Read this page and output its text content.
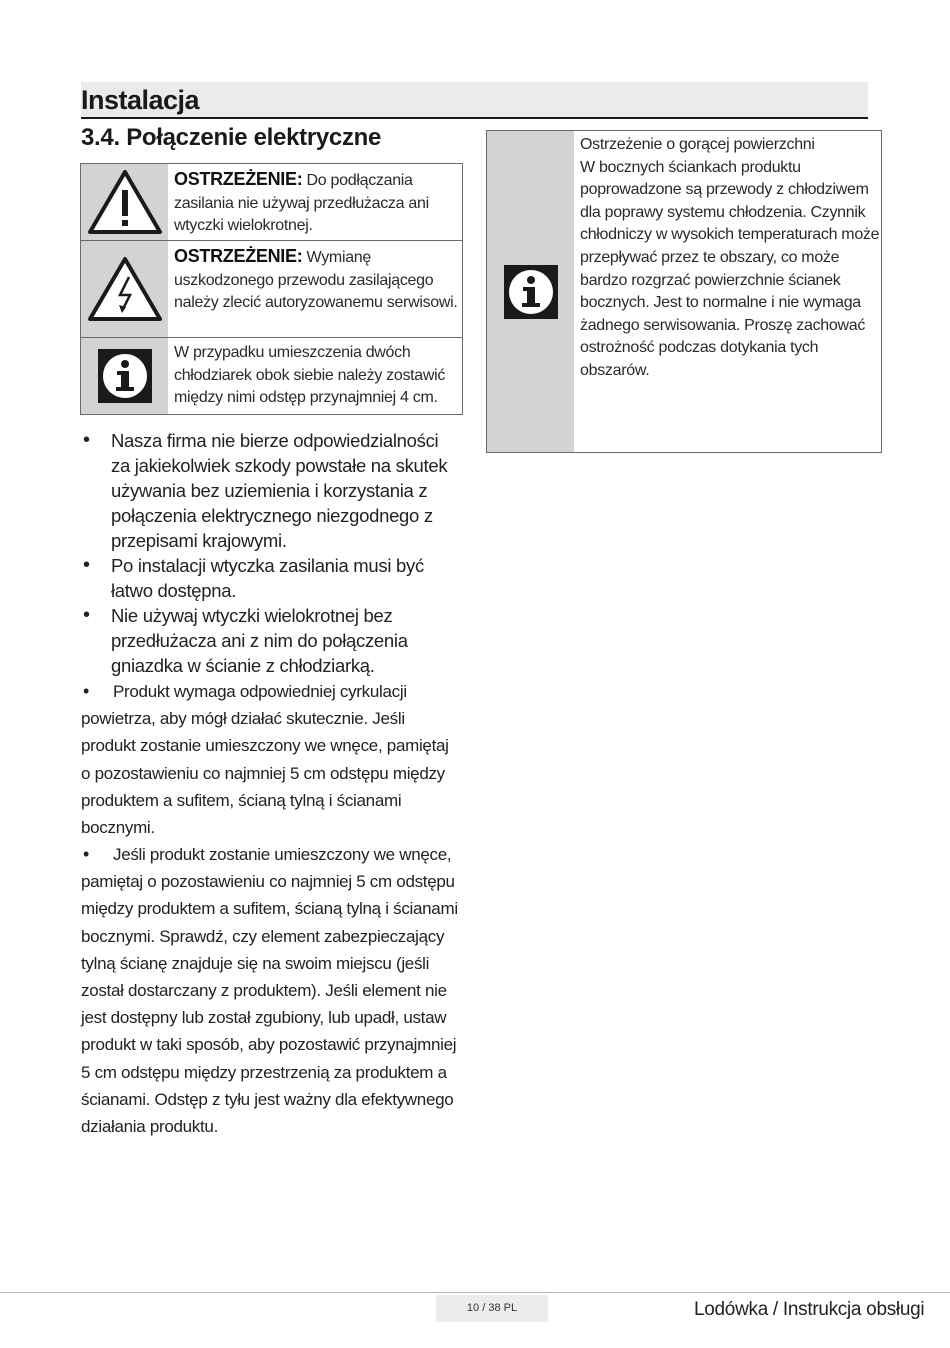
Instalacja
3.4. Połączenie elektryczne
OSTRZEŻENIE: Do podłączania zasilania nie używaj przedłużacza ani wtyczki wielokrotnej.
OSTRZEŻENIE: Wymianę uszkodzonego przewodu zasilającego należy zlecić autoryzowanemu serwisowi.
W przypadku umieszczenia dwóch chłodziarek obok siebie należy zostawić między nimi odstęp przynajmniej 4 cm.
• Nasza firma nie bierze odpowiedzialności za jakiekolwiek szkody powstałe na skutek używania bez uziemienia i korzystania z połączenia elektrycznego niezgodnego z przepisami krajowymi.
• Po instalacji wtyczka zasilania musi być łatwo dostępna.
• Nie używaj wtyczki wielokrotnej bez przedłużacza ani z nim do połączenia gniazdka w ścianie z chłodziarką.

• Produkt wymaga odpowiedniej cyrkulacji powietrza, aby mógł działać skutecznie. Jeśli produkt zostanie umieszczony we wnęce, pamiętaj o pozostawieniu co najmniej 5 cm odstępu między produktem a sufitem, ścianą tylną i ścianami bocznymi.

• Jeśli produkt zostanie umieszczony we wnęce, pamiętaj o pozostawieniu co najmniej 5 cm odstępu między produktem a sufitem, ścianą tylną i ścianami bocznymi. Sprawdź, czy element zabezpieczający tylną ścianę znajduje się na swoim miejscu (jeśli został dostarczany z produktem). Jeśli element nie jest dostępny lub został zgubiony, lub upadł, ustaw produkt w taki sposób, aby pozostawić przynajmniej 5 cm odstępu między przestrzenią za produktem a ścianami. Odstęp z tyłu jest ważny dla efektywnego działania produktu.

Ostrzeżenie o gorącej powierzchni
W bocznych ściankach produktu poprowadzone są przewody z chłodziwem dla poprawy systemu chłodzenia. Czynnik chłodniczy w wysokich temperaturach może przepływać przez te obszary, co może bardzo rozgrzać powierzchnie ścianek bocznych. Jest to normalne i nie wymaga żadnego serwisowania. Proszę zachować ostrożność podczas dotykania tych obszarów.
10 / 38 PL	Lodówka / Instrukcja obsługi
